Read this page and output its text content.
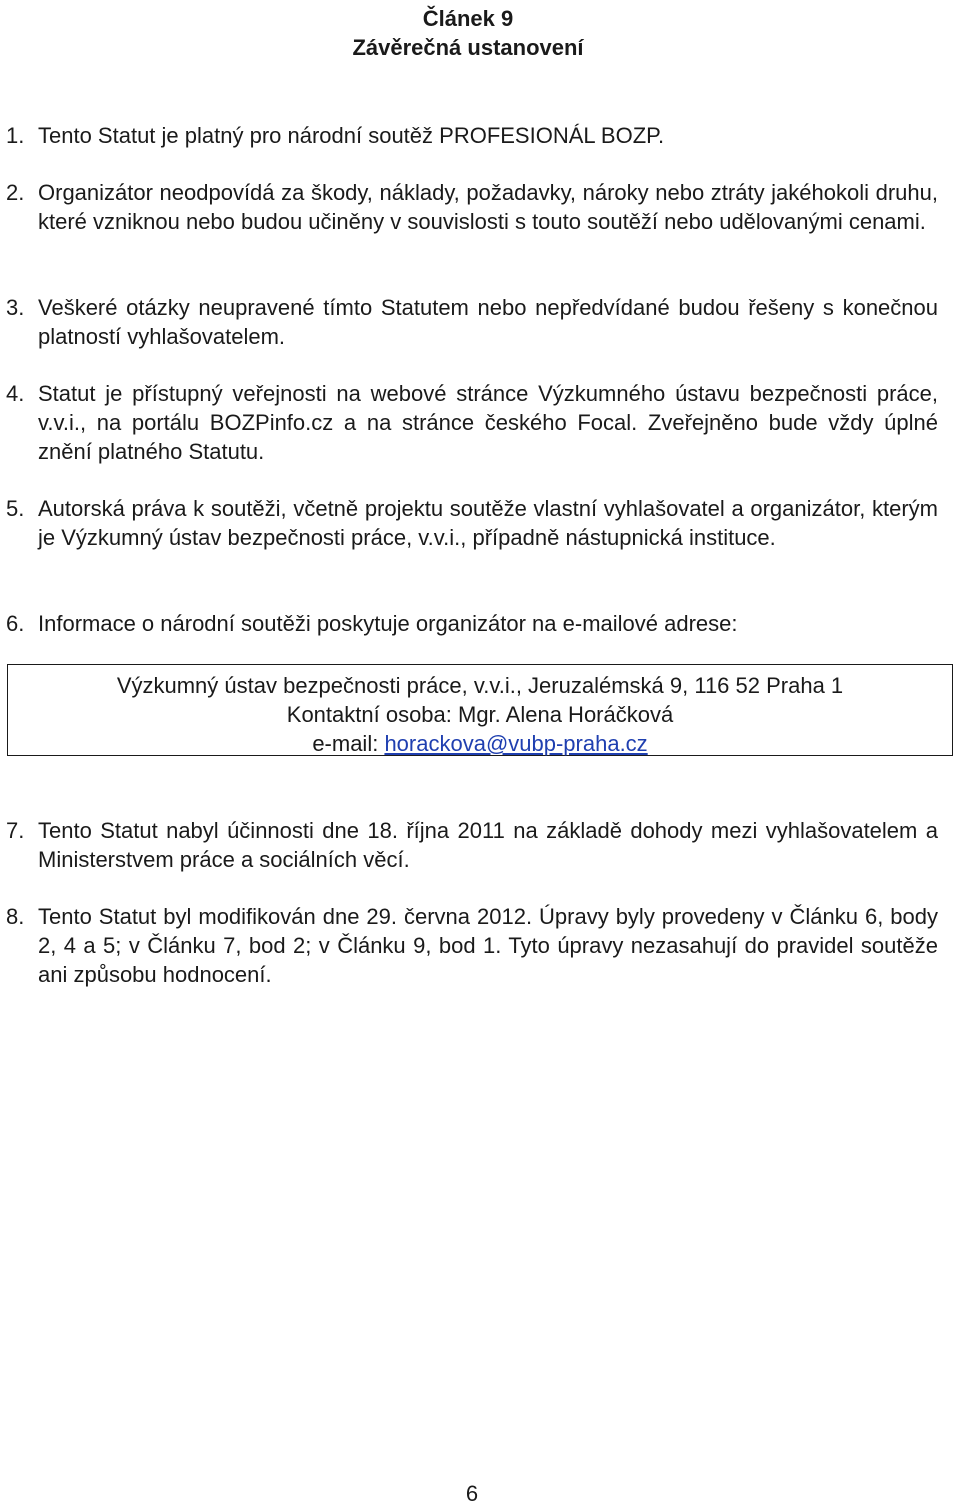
Článek 9
Závěrečná ustanovení
1. Tento Statut je platný pro národní soutěž PROFESIONÁL BOZP.
2. Organizátor neodpovídá za škody, náklady, požadavky, nároky nebo ztráty jakéhokoli druhu, které vzniknou nebo budou učiněny v souvislosti s touto soutěží nebo udělovanými cenami.
3. Veškeré otázky neupravené tímto Statutem nebo nepředvídané budou řešeny s konečnou platností vyhlašovatelem.
4. Statut je přístupný veřejnosti na webové stránce Výzkumného ústavu bezpečnosti práce, v.v.i., na portálu BOZPinfo.cz a na stránce českého Focal. Zveřejněno bude vždy úplné znění platného Statutu.
5. Autorská práva k soutěži, včetně projektu soutěže vlastní vyhlašovatel a organizátor, kterým je Výzkumný ústav bezpečnosti práce, v.v.i., případně nástupnická instituce.
6. Informace o národní soutěži poskytuje organizátor na e-mailové adrese:
Výzkumný ústav bezpečnosti práce, v.v.i., Jeruzalémská 9, 116 52 Praha 1
Kontaktní osoba: Mgr. Alena Horáčková
e-mail: horackova@vubp-praha.cz
7. Tento Statut nabyl účinnosti dne 18. října 2011 na základě dohody mezi vyhlašovatelem a Ministerstvem práce a sociálních věcí.
8. Tento Statut byl modifikován dne 29. června 2012. Úpravy byly provedeny v Článku 6, body 2, 4 a 5; v Článku 7, bod 2; v Článku 9, bod 1. Tyto úpravy nezasahují do pravidel soutěže ani způsobu hodnocení.
6
